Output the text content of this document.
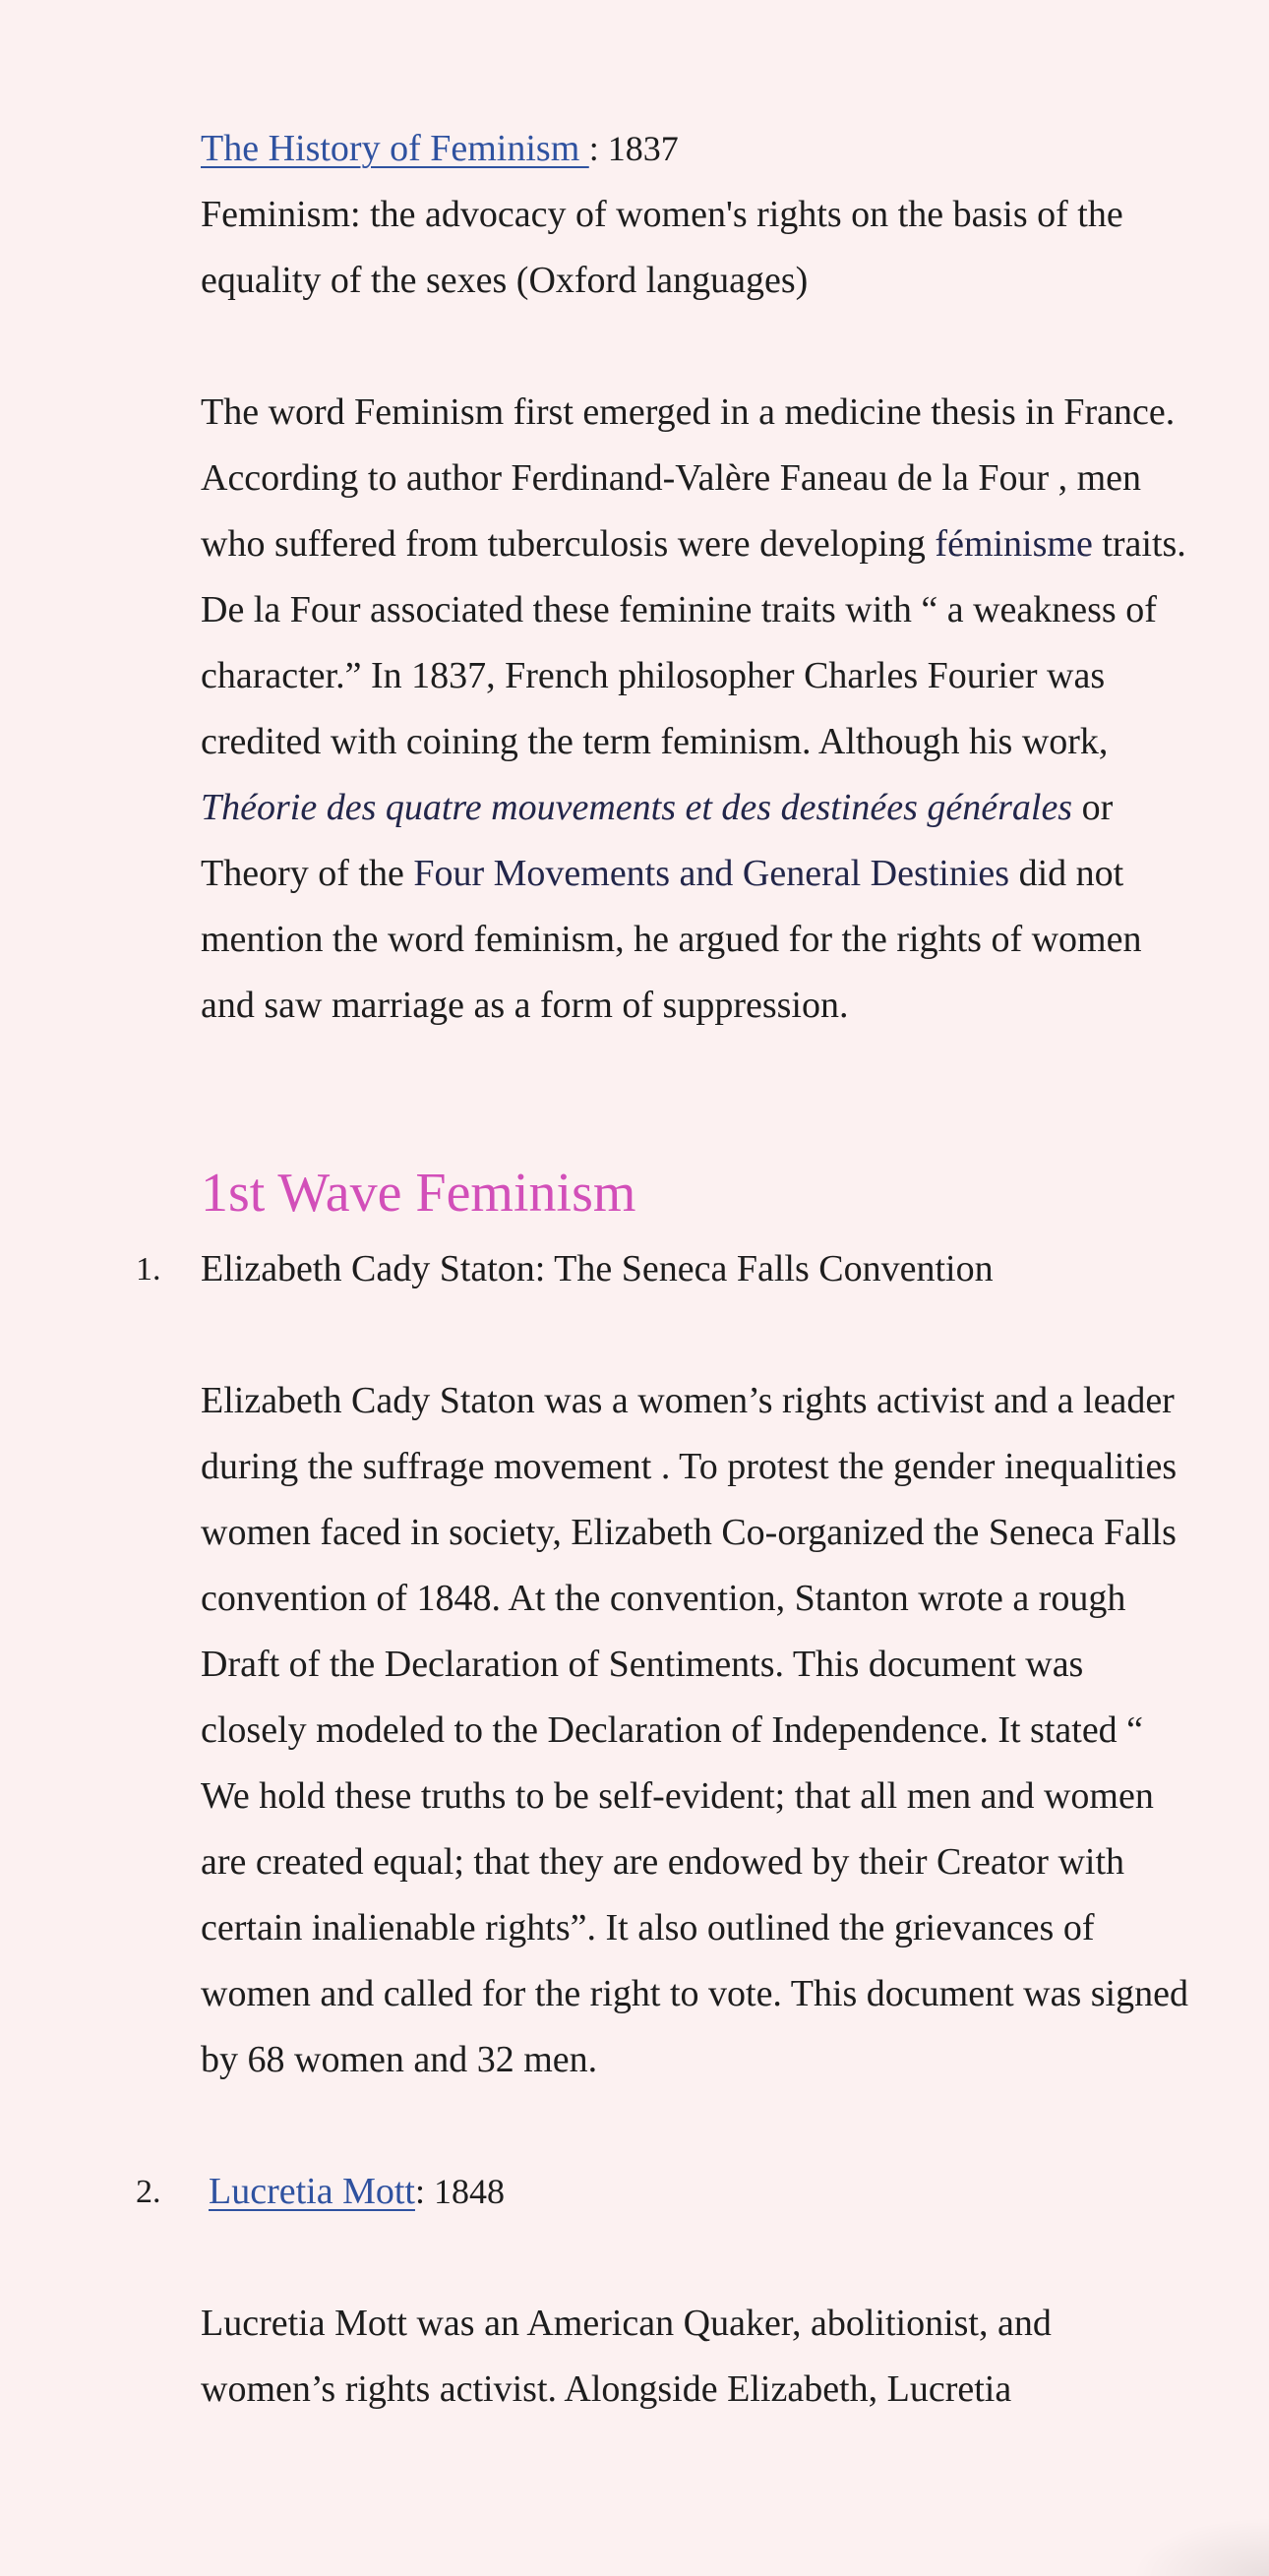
The History of Feminism : 1837

Feminism: the advocacy of women's rights on the basis of the equality of the sexes (Oxford languages)

The word Feminism first emerged in a medicine thesis in France. According to author Ferdinand-Valère Faneau de la Four , men who suffered from tuberculosis were developing féminisme traits. De la Four associated these feminine traits with “ a weakness of character.” In 1837, French philosopher Charles Fourier was credited with coining the term feminism. Although his work, Théorie des quatre mouvements et des destinées générales or Theory of the Four Movements and General Destinies did not mention the word feminism, he argued for the rights of women and saw marriage as a form of suppression.

1st Wave Feminism
1. Elizabeth Cady Staton: The Seneca Falls Convention

Elizabeth Cady Staton was a women’s rights activist and a leader during the suffrage movement . To protest the gender inequalities women faced in society, Elizabeth Co-organized the Seneca Falls convention of 1848. At the convention, Stanton wrote a rough Draft of the Declaration of Sentiments. This document was closely modeled to the Declaration of Independence. It stated “ We hold these truths to be self-evident; that all men and women are created equal; that they are endowed by their Creator with certain inalienable rights”. It also outlined the grievances of women and called for the right to vote. This document was signed by 68 women and 32 men.

2. Lucretia Mott: 1848

Lucretia Mott was an American Quaker, abolitionist, and women’s rights activist. Alongside Elizabeth, Lucretia
